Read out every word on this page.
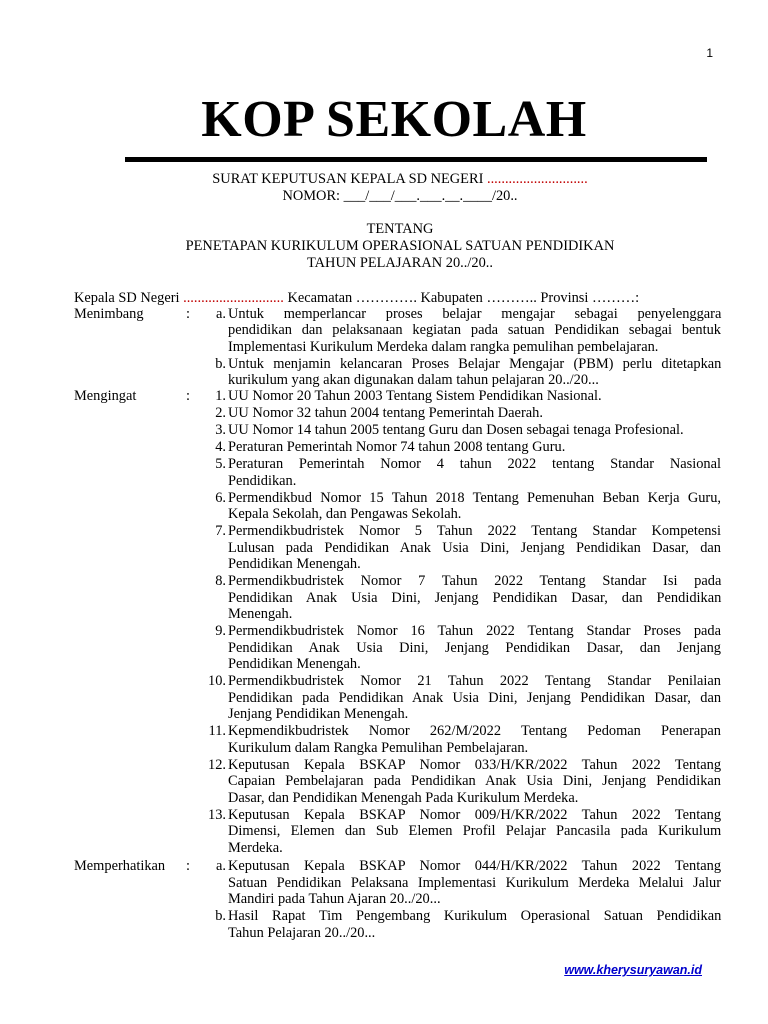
1
KOP SEKOLAH
SURAT KEPUTUSAN KEPALA SD NEGERI ............................
NOMOR: ___/___/___.___.__.____/20..
TENTANG
PENETAPAN KURIKULUM OPERASIONAL SATUAN PENDIDIKAN
TAHUN PELAJARAN 20../20..
Kepala SD Negeri ............................ Kecamatan …………. Kabupaten ……….. Provinsi ………:
Menimbang	:	a. Untuk memperlancar proses belajar mengajar sebagai penyelenggara
pendidikan dan pelaksanaan kegiatan pada satuan Pendidikan sebagai bentuk
Implementasi Kurikulum Merdeka dalam rangka pemulihan pembelajaran.
b. Untuk menjamin kelancaran Proses Belajar Mengajar (PBM) perlu ditetapkan
kurikulum yang akan digunakan dalam tahun pelajaran 20../20...
Mengingat	:	1. UU Nomor 20 Tahun 2003 Tentang Sistem Pendidikan Nasional.
2. UU Nomor 32 tahun 2004 tentang Pemerintah Daerah.
3. UU Nomor 14 tahun 2005 tentang Guru dan Dosen sebagai tenaga Profesional.
4. Peraturan Pemerintah Nomor 74 tahun 2008 tentang Guru.
5. Peraturan Pemerintah Nomor 4 tahun 2022 tentang Standar Nasional
Pendidikan.
6. Permendikbud Nomor 15 Tahun 2018 Tentang Pemenuhan Beban Kerja Guru,
Kepala Sekolah, dan Pengawas Sekolah.
7. Permendikbudristek Nomor 5 Tahun 2022 Tentang Standar Kompetensi
Lulusan pada Pendidikan Anak Usia Dini, Jenjang Pendidikan Dasar, dan
Pendidikan Menengah.
8. Permendikbudristek Nomor 7 Tahun 2022 Tentang Standar Isi pada
Pendidikan Anak Usia Dini, Jenjang Pendidikan Dasar, dan Pendidikan
Menengah.
9. Permendikbudristek Nomor 16 Tahun 2022 Tentang Standar Proses pada
Pendidikan Anak Usia Dini, Jenjang Pendidikan Dasar, dan Jenjang
Pendidikan Menengah.
10. Permendikbudristek Nomor 21 Tahun 2022 Tentang Standar Penilaian
Pendidikan pada Pendidikan Anak Usia Dini, Jenjang Pendidikan Dasar, dan
Jenjang Pendidikan Menengah.
11. Kepmendikbudristek Nomor 262/M/2022 Tentang Pedoman Penerapan
Kurikulum dalam Rangka Pemulihan Pembelajaran.
12. Keputusan Kepala BSKAP Nomor 033/H/KR/2022 Tahun 2022 Tentang
Capaian Pembelajaran pada Pendidikan Anak Usia Dini, Jenjang Pendidikan
Dasar, dan Pendidikan Menengah Pada Kurikulum Merdeka.
13. Keputusan Kepala BSKAP Nomor 009/H/KR/2022 Tahun 2022 Tentang
Dimensi, Elemen dan Sub Elemen Profil Pelajar Pancasila pada Kurikulum
Merdeka.
Memperhatikan :	a. Keputusan Kepala BSKAP Nomor 044/H/KR/2022 Tahun 2022 Tentang
Satuan Pendidikan Pelaksana Implementasi Kurikulum Merdeka Melalui Jalur
Mandiri pada Tahun Ajaran 20../20...
b. Hasil Rapat Tim Pengembang Kurikulum Operasional Satuan Pendidikan
Tahun Pelajaran 20../20...
www.kherysuryawan.id
